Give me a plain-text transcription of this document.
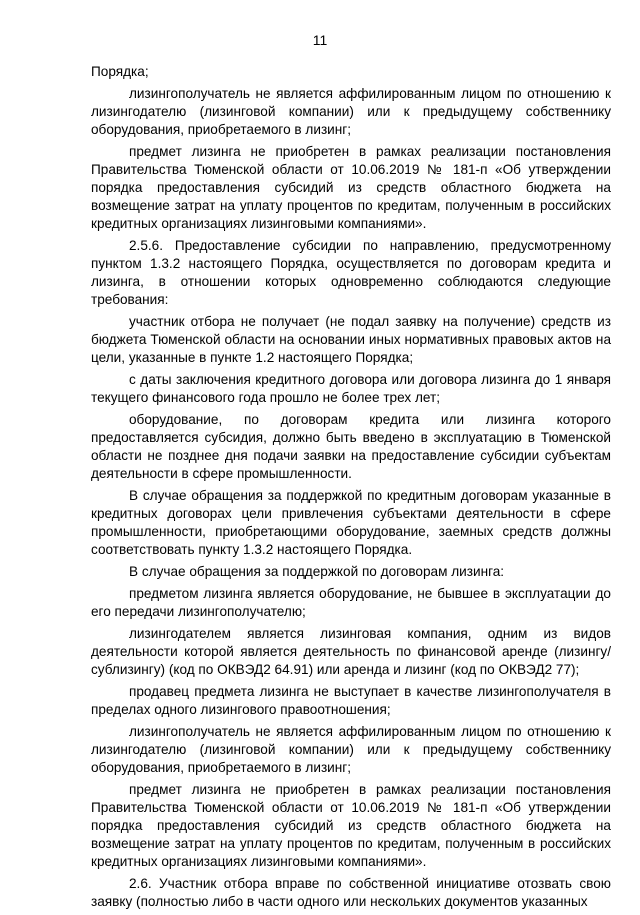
11

Порядка;

лизингополучатель не является аффилированным лицом по отношению к лизингодателю (лизинговой компании) или к предыдущему собственнику оборудования, приобретаемого в лизинг;

предмет лизинга не приобретен в рамках реализации постановления Правительства Тюменской области от 10.06.2019 № 181-п «Об утверждении порядка предоставления субсидий из средств областного бюджета на возмещение затрат на уплату процентов по кредитам, полученным в российских кредитных организациях лизинговыми компаниями».

2.5.6. Предоставление субсидии по направлению, предусмотренному пунктом 1.3.2 настоящего Порядка, осуществляется по договорам кредита и лизинга, в отношении которых одновременно соблюдаются следующие требования:

участник отбора не получает (не подал заявку на получение) средств из бюджета Тюменской области на основании иных нормативных правовых актов на цели, указанные в пункте 1.2 настоящего Порядка;

с даты заключения кредитного договора или договора лизинга до 1 января текущего финансового года прошло не более трех лет;

оборудование, по договорам кредита или лизинга которого предоставляется субсидия, должно быть введено в эксплуатацию в Тюменской области не позднее дня подачи заявки на предоставление субсидии субъектам деятельности в сфере промышленности.

В случае обращения за поддержкой по кредитным договорам указанные в кредитных договорах цели привлечения субъектами деятельности в сфере промышленности, приобретающими оборудование, заемных средств должны соответствовать пункту 1.3.2 настоящего Порядка.

В случае обращения за поддержкой по договорам лизинга:

предметом лизинга является оборудование, не бывшее в эксплуатации до его передачи лизингополучателю;

лизингодателем является лизинговая компания, одним из видов деятельности которой является деятельность по финансовой аренде (лизингу/сублизингу) (код по ОКВЭД2 64.91) или аренда и лизинг (код по ОКВЭД2 77);

продавец предмета лизинга не выступает в качестве лизингополучателя в пределах одного лизингового правоотношения;

лизингополучатель не является аффилированным лицом по отношению к лизингодателю (лизинговой компании) или к предыдущему собственнику оборудования, приобретаемого в лизинг;

предмет лизинга не приобретен в рамках реализации постановления Правительства Тюменской области от 10.06.2019 № 181-п «Об утверждении порядка предоставления субсидий из средств областного бюджета на возмещение затрат на уплату процентов по кредитам, полученным в российских кредитных организациях лизинговыми компаниями».

2.6. Участник отбора вправе по собственной инициативе отозвать свою заявку (полностью либо в части одного или нескольких документов указанных
